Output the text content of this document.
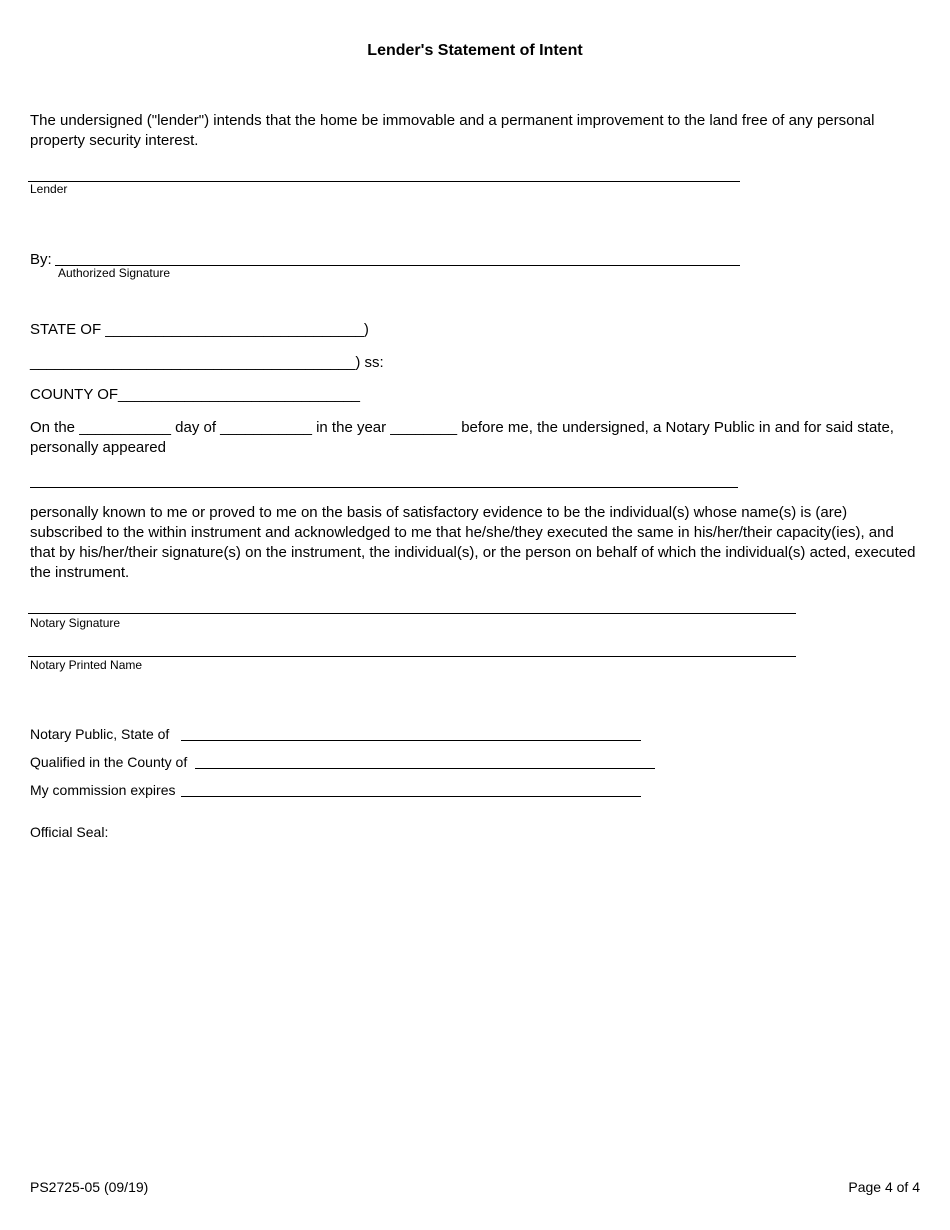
Lender's Statement of Intent
The undersigned ("lender") intends that the home be immovable and a permanent improvement to the land free of any personal property security interest.
Lender
By:
Authorized Signature
STATE OF _______________________________)
_______________________________________) ss:
COUNTY OF_____________________________
On the ___________ day of ___________ in the year ________ before me, the undersigned, a Notary Public in and for said state, personally appeared
personally known to me or proved to me on the basis of satisfactory evidence to be the individual(s) whose name(s) is (are) subscribed to the within instrument and acknowledged to me that he/she/they executed the same in his/her/their capacity(ies), and that by his/her/their signature(s) on the instrument, the individual(s), or the person on behalf of which the individual(s) acted, executed the instrument.
Notary Signature
Notary Printed Name
Notary Public, State of
Qualified in the County of
My commission expires
Official Seal:
PS2725-05 (09/19)	Page 4 of 4
